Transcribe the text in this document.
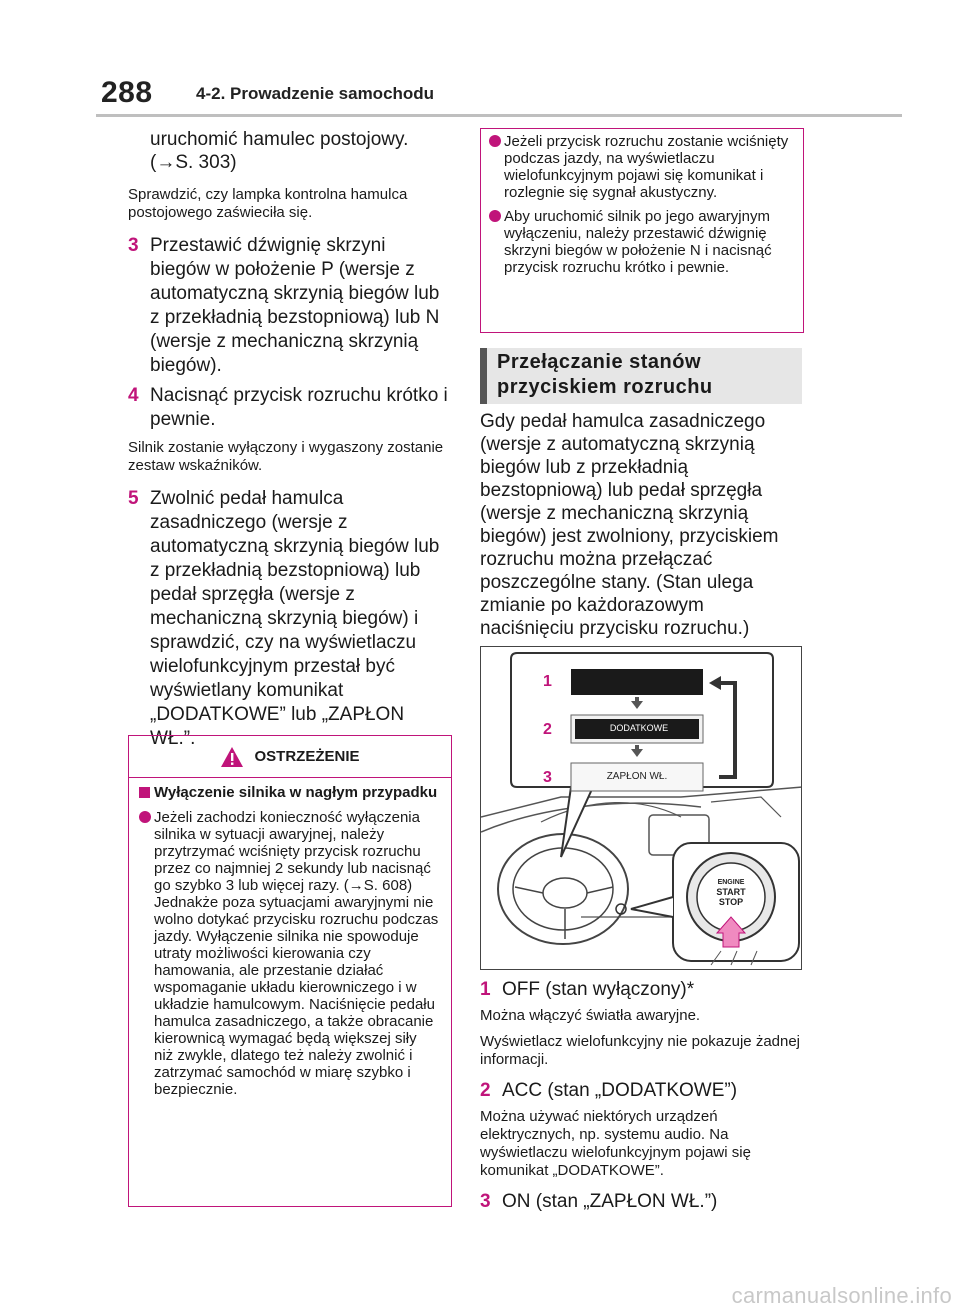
288	4-2. Prowadzenie samochodu
uruchomić hamulec postojowy.
(→S. 303)
Sprawdzić, czy lampka kontrolna hamulca postojowego zaświeciła się.
3 Przestawić dźwignię skrzyni biegów w położenie P (wersje z automatyczną skrzynią biegów lub z przekładnią bezstopniową) lub N (wersje z mechaniczną skrzynią biegów).
4 Nacisnąć przycisk rozruchu krótko i pewnie.
Silnik zostanie wyłączony i wygaszony zostanie zestaw wskaźników.
5 Zwolnić pedał hamulca zasadniczego (wersje z automatyczną skrzynią biegów lub z przekładnią bezstopniową) lub pedał sprzęgła (wersje z mechaniczną skrzynią biegów) i sprawdzić, czy na wyświetlaczu wielofunkcyjnym przestał być wyświetlany komunikat „DODATKOWE” lub „ZAPŁON WŁ.”.
OSTRZEŻENIE
Wyłączenie silnika w nagłym przypadku
Jeżeli zachodzi konieczność wyłączenia silnika w sytuacji awaryjnej, należy przytrzymać wciśnięty przycisk rozruchu przez co najmniej 2 sekundy lub nacisnąć go szybko 3 lub więcej razy. (→S. 608)
Jednakże poza sytuacjami awaryjnymi nie wolno dotykać przycisku rozruchu podczas jazdy. Wyłączenie silnika nie spowoduje utraty możliwości kierowania czy hamowania, ale przestanie działać wspomaganie układu kierowniczego i w układzie hamulcowym. Naciśnięcie pedału hamulca zasadniczego, a także obracanie kierownicą wymagać będą większej siły niż zwykle, dlatego też należy zwolnić i zatrzymać samochód w miarę szybko i bezpiecznie.
Jeżeli przycisk rozruchu zostanie wciśnięty podczas jazdy, na wyświetlaczu wielofunkcyjnym pojawi się komunikat i rozlegnie się sygnał akustyczny.
Aby uruchomić silnik po jego awaryjnym wyłączeniu, należy przestawić dźwignię skrzyni biegów w położenie N i nacisnąć przycisk rozruchu krótko i pewnie.
Przełączanie stanów przyciskiem rozruchu
Gdy pedał hamulca zasadniczego (wersje z automatyczną skrzynią biegów lub z przekładnią bezstopniową) lub pedał sprzęgła (wersje z mechaniczną skrzynią biegów) jest zwolniony, przyciskiem rozruchu można przełączać poszczególne stany. (Stan ulega zmianie po każdorazowym naciśnięciu przycisku rozruchu.)
1
2
3
DODATKOWE
ZAPŁON WŁ.
ENGINE
START
STOP
1 OFF (stan wyłączony)*
Można włączyć światła awaryjne.
Wyświetlacz wielofunkcyjny nie pokazuje żadnej informacji.
2 ACC (stan „DODATKOWE”)
Można używać niektórych urządzeń elektrycznych, np. systemu audio. Na wyświetlaczu wielofunkcyjnym pojawi się komunikat „DODATKOWE”.
3 ON (stan „ZAPŁON WŁ.”)
carmanualsonline.info
